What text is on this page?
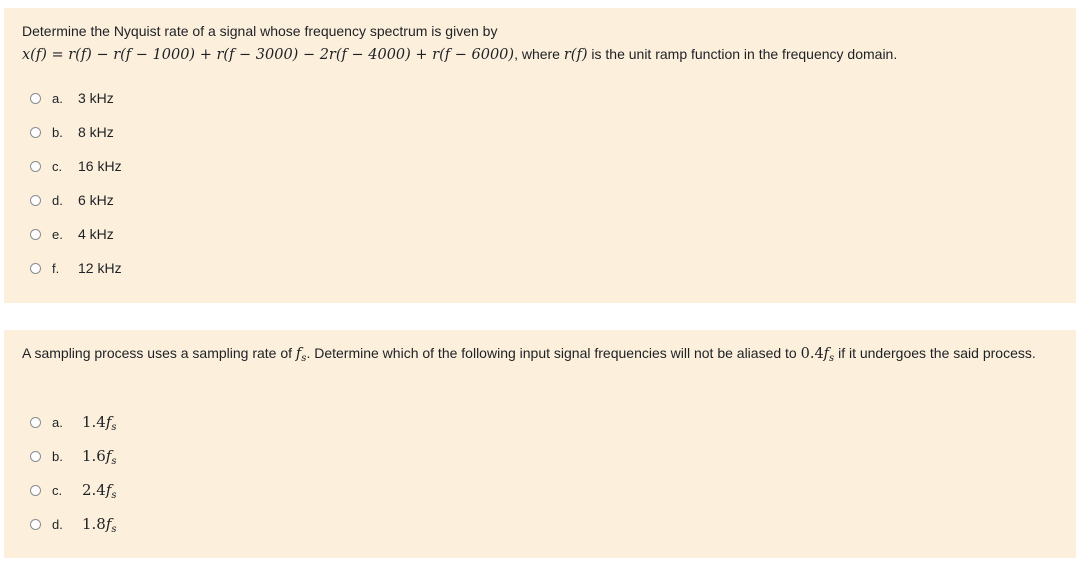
Determine the Nyquist rate of a signal whose frequency spectrum is given by
x(f) = r(f) − r(f − 1000) + r(f − 3000) − 2r(f − 4000) + r(f − 6000), where r(f) is the unit ramp function in the frequency domain.
a.	3 kHz
b.	8 kHz
c.	16 kHz
d.	6 kHz
e.	4 kHz
f.	12 kHz
A sampling process uses a sampling rate of $f_s$. Determine which of the following input signal frequencies will not be aliased to $0.4f_s$ if it undergoes the said process.
a.	$1.4f_s$
b.	$1.6f_s$
c.	$2.4f_s$
d.	$1.8f_s$
